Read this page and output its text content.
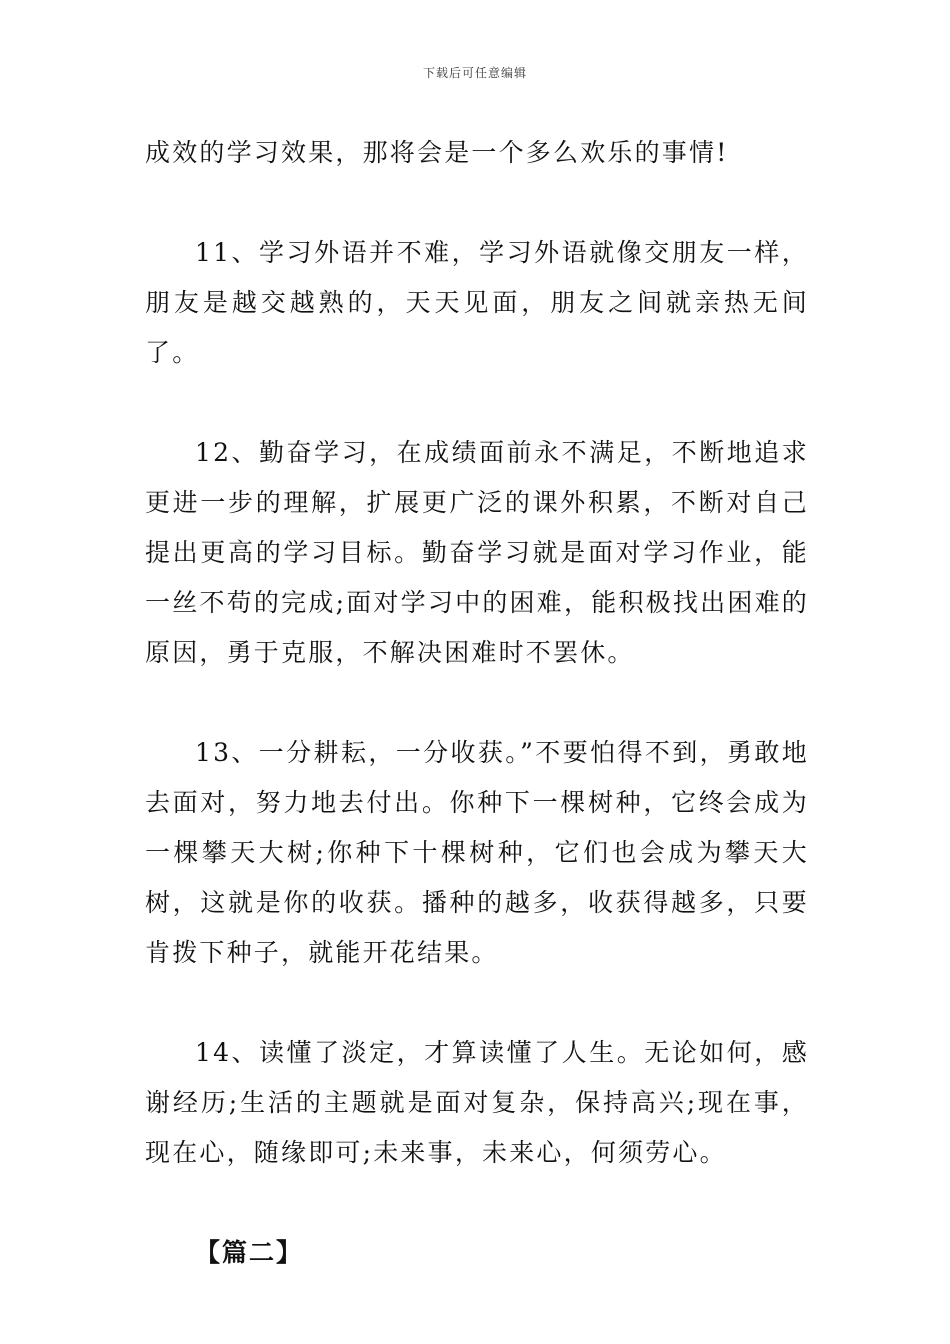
下载后可任意编辑

成效的学习效果，那将会是一个多么欢乐的事情!

11、学习外语并不难，学习外语就像交朋友一样，朋友是越交越熟的，天天见面，朋友之间就亲热无间了。

12、勤奋学习，在成绩面前永不满足，不断地追求更进一步的理解，扩展更广泛的课外积累，不断对自己提出更高的学习目标。勤奋学习就是面对学习作业，能一丝不苟的完成;面对学习中的困难，能积极找出困难的原因，勇于克服，不解决困难时不罢休。

13、一分耕耘，一分收获。”不要怕得不到，勇敢地去面对，努力地去付出。你种下一棵树种，它终会成为一棵攀天大树;你种下十棵树种，它们也会成为攀天大树，这就是你的收获。播种的越多，收获得越多，只要肯拨下种子，就能开花结果。

14、读懂了淡定，才算读懂了人生。无论如何，感谢经历;生活的主题就是面对复杂，保持高兴;现在事，现在心，随缘即可;未来事，未来心，何须劳心。

【篇二】
